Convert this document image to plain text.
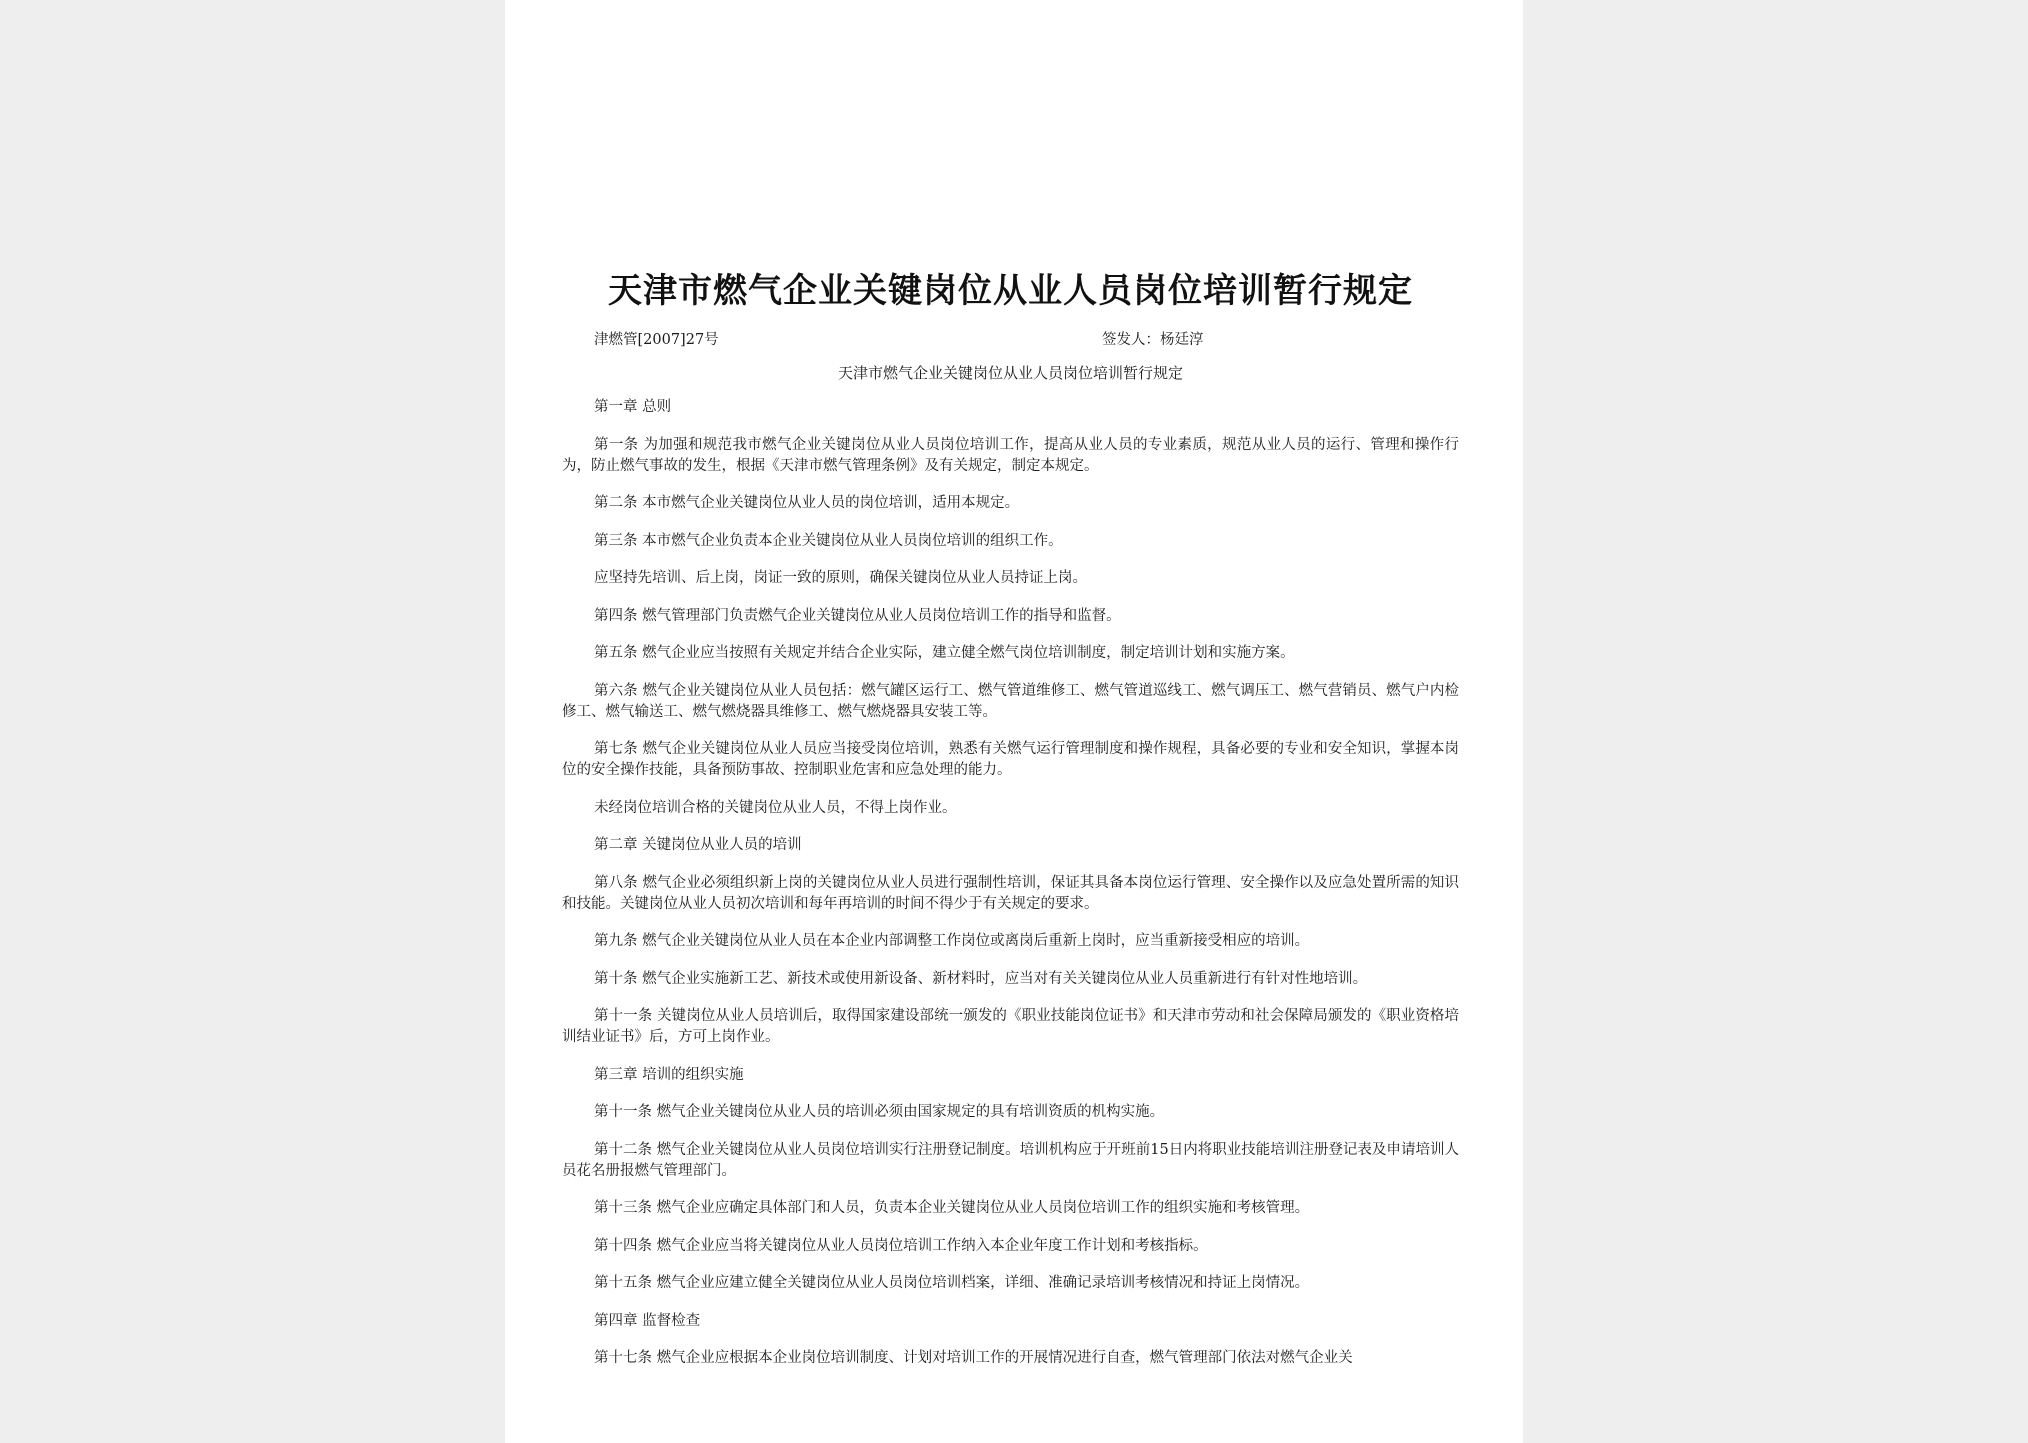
天津市燃气企业关键岗位从业人员岗位培训暂行规定
津燃管[2007]27号	签发人：杨廷淳
天津市燃气企业关键岗位从业人员岗位培训暂行规定
第一章 总则
第一条 为加强和规范我市燃气企业关键岗位从业人员岗位培训工作，提高从业人员的专业素质，规范从业人员的运行、管理和操作行为，防止燃气事故的发生，根据《天津市燃气管理条例》及有关规定，制定本规定。
第二条 本市燃气企业关键岗位从业人员的岗位培训，适用本规定。
第三条 本市燃气企业负责本企业关键岗位从业人员岗位培训的组织工作。
应坚持先培训、后上岗，岗证一致的原则，确保关键岗位从业人员持证上岗。
第四条 燃气管理部门负责燃气企业关键岗位从业人员岗位培训工作的指导和监督。
第五条 燃气企业应当按照有关规定并结合企业实际，建立健全燃气岗位培训制度，制定培训计划和实施方案。
第六条 燃气企业关键岗位从业人员包括：燃气罐区运行工、燃气管道维修工、燃气管道巡线工、燃气调压工、燃气营销员、燃气户内检修工、燃气输送工、燃气燃烧器具维修工、燃气燃烧器具安装工等。
第七条 燃气企业关键岗位从业人员应当接受岗位培训，熟悉有关燃气运行管理制度和操作规程，具备必要的专业和安全知识，掌握本岗位的安全操作技能，具备预防事故、控制职业危害和应急处理的能力。
未经岗位培训合格的关键岗位从业人员，不得上岗作业。
第二章 关键岗位从业人员的培训
第八条 燃气企业必须组织新上岗的关键岗位从业人员进行强制性培训，保证其具备本岗位运行管理、安全操作以及应急处置所需的知识和技能。关键岗位从业人员初次培训和每年再培训的时间不得少于有关规定的要求。
第九条 燃气企业关键岗位从业人员在本企业内部调整工作岗位或离岗后重新上岗时，应当重新接受相应的培训。
第十条 燃气企业实施新工艺、新技术或使用新设备、新材料时，应当对有关关键岗位从业人员重新进行有针对性地培训。
第十一条 关键岗位从业人员培训后，取得国家建设部统一颁发的《职业技能岗位证书》和天津市劳动和社会保障局颁发的《职业资格培训结业证书》后，方可上岗作业。
第三章 培训的组织实施
第十一条 燃气企业关键岗位从业人员的培训必须由国家规定的具有培训资质的机构实施。
第十二条 燃气企业关键岗位从业人员岗位培训实行注册登记制度。培训机构应于开班前15日内将职业技能培训注册登记表及申请培训人员花名册报燃气管理部门。
第十三条 燃气企业应确定具体部门和人员，负责本企业关键岗位从业人员岗位培训工作的组织实施和考核管理。
第十四条 燃气企业应当将关键岗位从业人员岗位培训工作纳入本企业年度工作计划和考核指标。
第十五条 燃气企业应建立健全关键岗位从业人员岗位培训档案，详细、准确记录培训考核情况和持证上岗情况。
第四章 监督检查
第十七条 燃气企业应根据本企业岗位培训制度、计划对培训工作的开展情况进行自查，燃气管理部门依法对燃气企业关
